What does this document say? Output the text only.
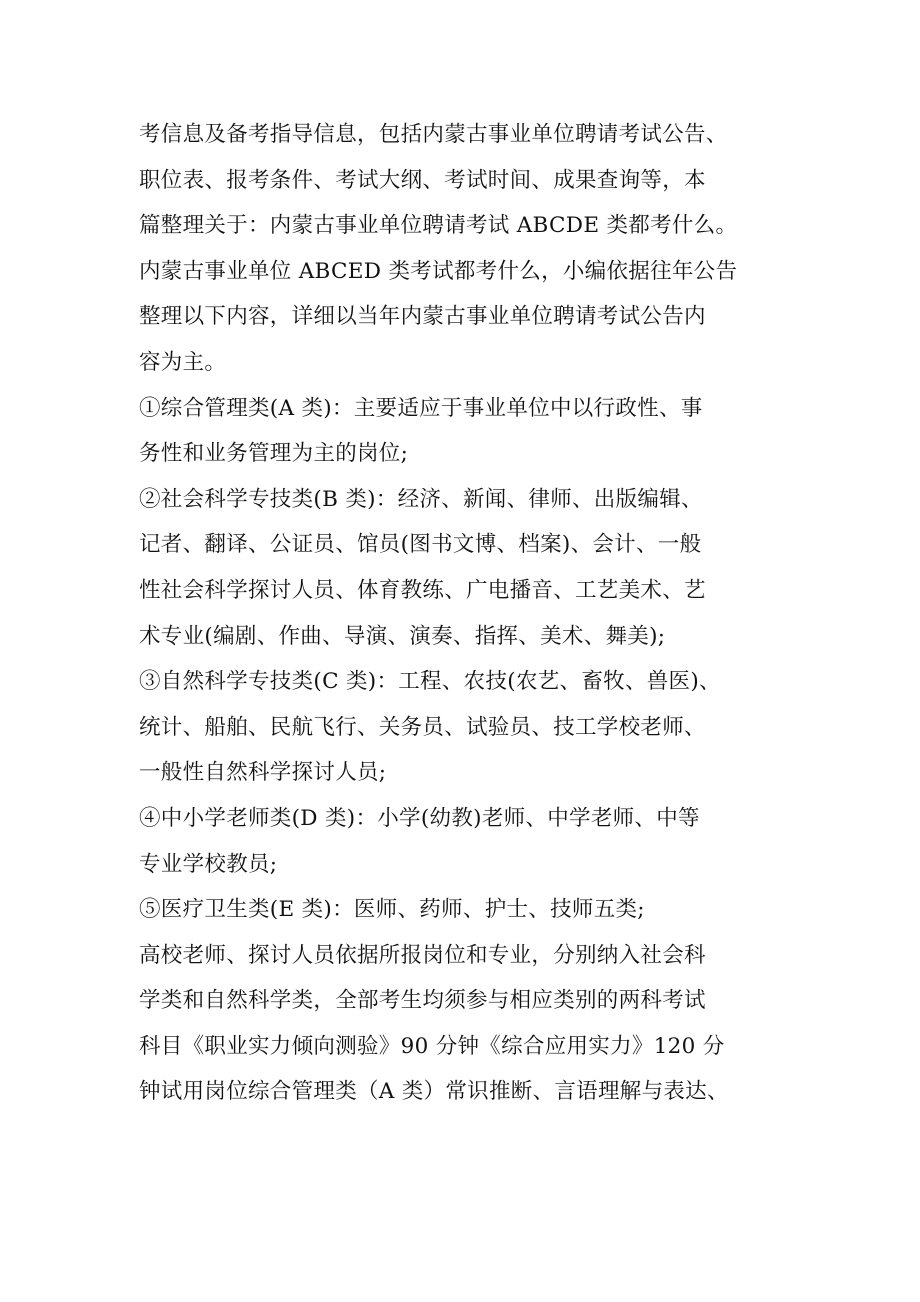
考信息及备考指导信息，包括内蒙古事业单位聘请考试公告、
职位表、报考条件、考试大纲、考试时间、成果查询等，本
篇整理关于：内蒙古事业单位聘请考试 ABCDE 类都考什么。
内蒙古事业单位 ABCED 类考试都考什么，小编依据往年公告
整理以下内容，详细以当年内蒙古事业单位聘请考试公告内
容为主。
①综合管理类(A 类)：主要适应于事业单位中以行政性、事
务性和业务管理为主的岗位;
②社会科学专技类(B 类)：经济、新闻、律师、出版编辑、
记者、翻译、公证员、馆员(图书文博、档案)、会计、一般
性社会科学探讨人员、体育教练、广电播音、工艺美术、艺
术专业(编剧、作曲、导演、演奏、指挥、美术、舞美);
③自然科学专技类(C 类)：工程、农技(农艺、畜牧、兽医)、
统计、船舶、民航飞行、关务员、试验员、技工学校老师、
一般性自然科学探讨人员;
④中小学老师类(D 类)：小学(幼教)老师、中学老师、中等
专业学校教员;
⑤医疗卫生类(E 类)：医师、药师、护士、技师五类;
高校老师、探讨人员依据所报岗位和专业，分别纳入社会科
学类和自然科学类，全部考生均须参与相应类别的两科考试
科目《职业实力倾向测验》90 分钟《综合应用实力》120 分
钟试用岗位综合管理类（A 类）常识推断、言语理解与表达、
